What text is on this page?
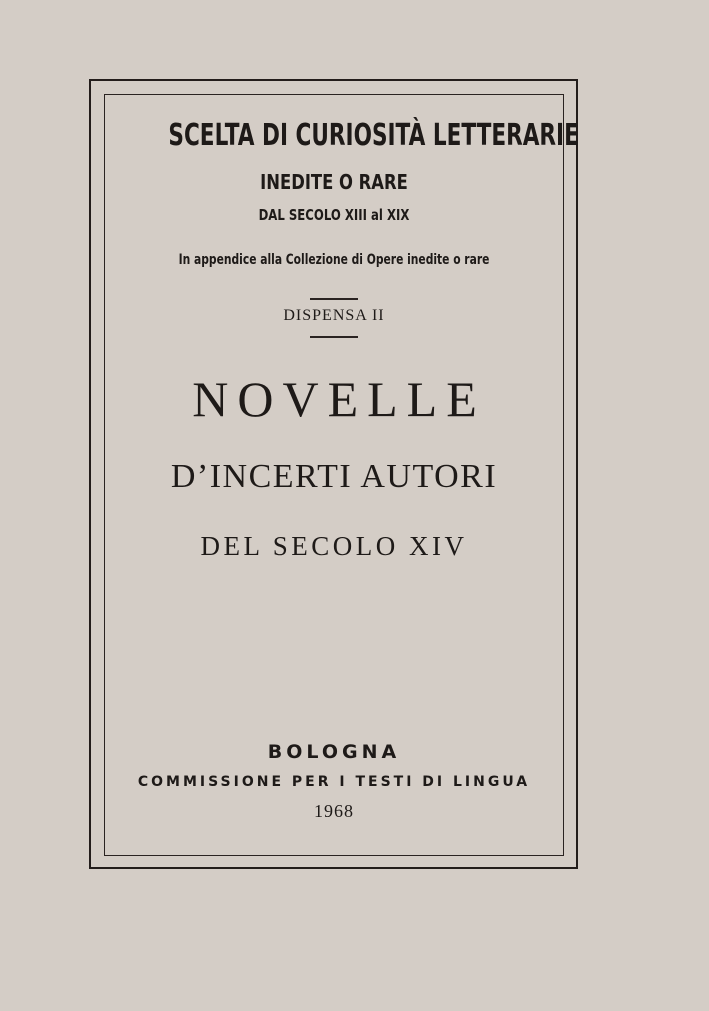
SCELTA DI CURIOSITÀ LETTERARIE
INEDITE O RARE
DAL SECOLO XIII al XIX
In appendice alla Collezione di Opere inedite o rare
DISPENSA II
NOVELLE
D’INCERTI AUTORI
DEL SECOLO XIV
BOLOGNA
COMMISSIONE PER I TESTI DI LINGUA
1968
